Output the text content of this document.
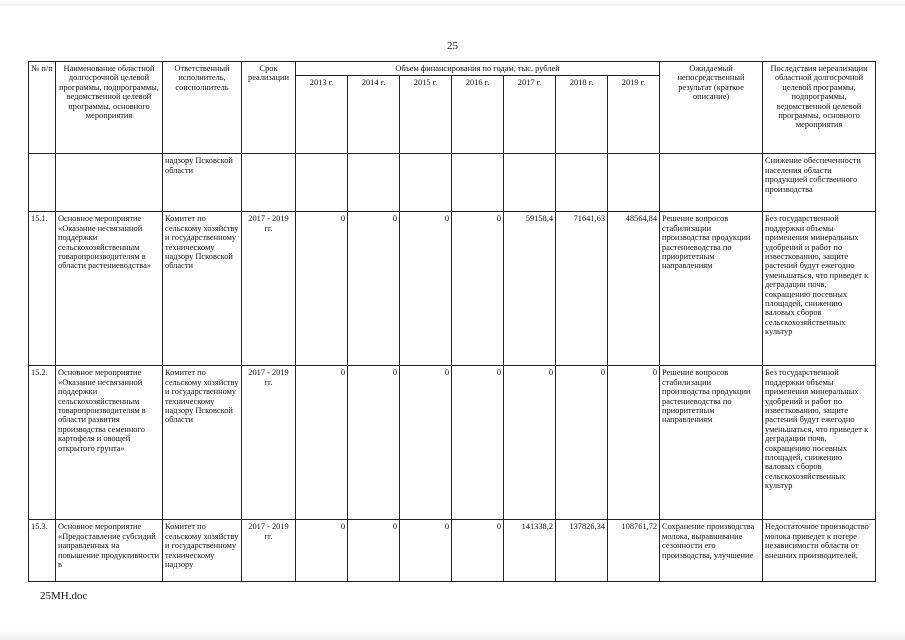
25
№ п/п	Наименование областной долгосрочной целевой программы, подпрограммы, ведомственной целевой программы, основного мероприятия	Ответственный исполнитель, соисполнитель	Срок реализации	Объем финансирования по годам, тыс. рублей							Ожидаемый непосредственный результат (краткое описание)	Последствия нереализации областной долгосрочной целевой программы, подпрограммы, ведомственной целевой программы, основного мероприятия
				2013 г.	2014 г.	2015 г.	2016 г.	2017 г.	2018 г.	2019 г.		
		надзору Псковской области										Снижение обеспеченности населения области продукцией собственного производства
15.1.	Основное мероприятие «Оказание несвязанной поддержки сельскохозяйственным товаропроизводителям в области растениеводства»	Комитет по сельскому хозяйству и государственному техническому надзору Псковской области	2017 - 2019 гг.	0	0	0	0	59158,4	71641,63	48564,84	Решение вопросов стабилизации производства продукции растениеводства по приоритетным направлениям	Без государственной поддержки объемы применения минеральных удобрений и работ по известкованию, защите растений будут ежегодно уменьшаться, что приведет к деградации почв, сокращению посевных площадей, снижению валовых сборов сельскохозяйственных культур
15.2.	Основное мероприятие «Оказание несвязанной поддержки сельскохозяйственным товаропроизводителям в области развития производства семенного картофеля и овощей открытого грунта»	Комитет по сельскому хозяйству и государственному техническому надзору Псковской области	2017 - 2019 гг.	0	0	0	0	0	0	0	Решение вопросов стабилизации производства продукции растениеводства по приоритетным направлениям	Без государственной поддержки объемы применения минеральных удобрений и работ по известкованию, защите растений будут ежегодно уменьшаться, что приведет к деградации почв, сокращению посевных площадей, снижению валовых сборов сельскохозяйственных культур
15.3.	Основное мероприятие «Предоставление субсидий направленных на повышение продуктивности в	Комитет по сельскому хозяйству и государственному техническому надзору	2017 - 2019 гг.	0	0	0	0	141338,2	137826,34	108761,72	Сохранение производства молока, выравнивание сезонности его производства, улучшение	Недостаточное производство молока приведет к потере независимости области от внешних производителей,
25МН.doc
